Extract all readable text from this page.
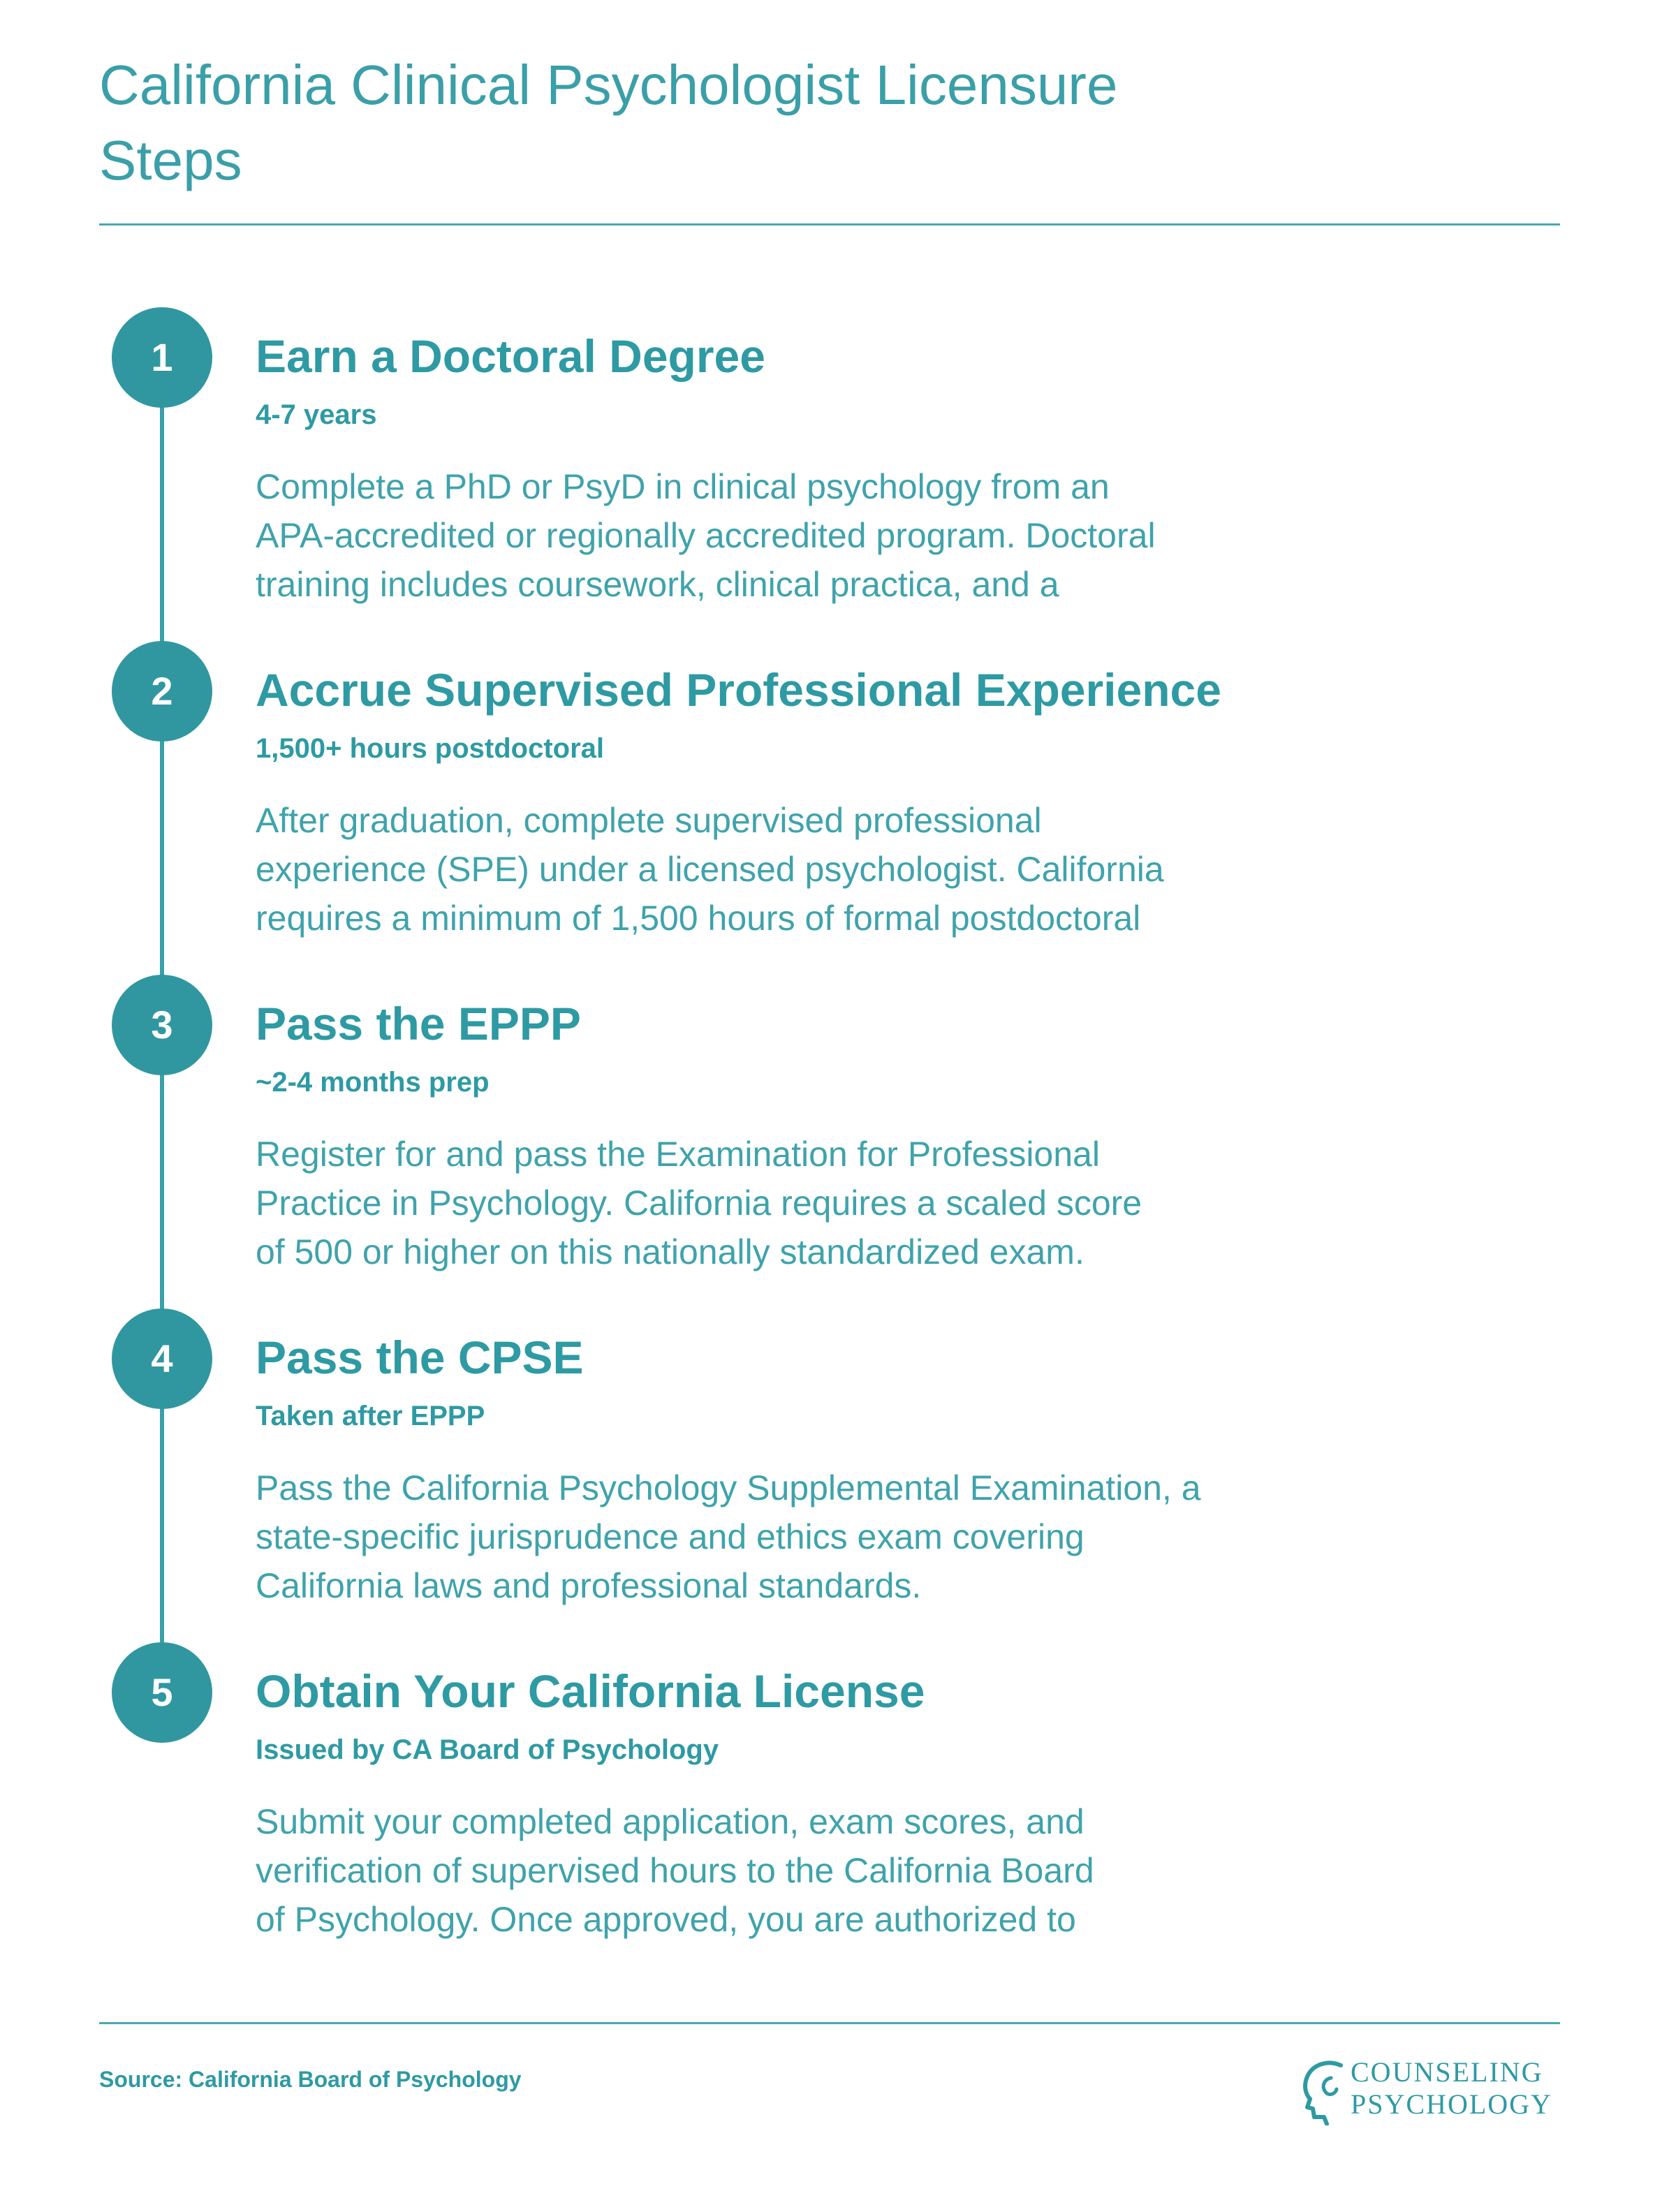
California Clinical Psychologist Licensure
Steps
1	Earn a Doctoral Degree
4-7 years
Complete a PhD or PsyD in clinical psychology from an
APA-accredited or regionally accredited program. Doctoral
training includes coursework, clinical practica, and a
2	Accrue Supervised Professional Experience
1,500+ hours postdoctoral
After graduation, complete supervised professional
experience (SPE) under a licensed psychologist. California
requires a minimum of 1,500 hours of formal postdoctoral
3	Pass the EPPP
~2-4 months prep
Register for and pass the Examination for Professional
Practice in Psychology. California requires a scaled score
of 500 or higher on this nationally standardized exam.
4	Pass the CPSE
Taken after EPPP
Pass the California Psychology Supplemental Examination, a
state-specific jurisprudence and ethics exam covering
California laws and professional standards.
5	Obtain Your California License
Issued by CA Board of Psychology
Submit your completed application, exam scores, and
verification of supervised hours to the California Board
of Psychology. Once approved, you are authorized to
Source: California Board of Psychology	COUNSELING
PSYCHOLOGY
